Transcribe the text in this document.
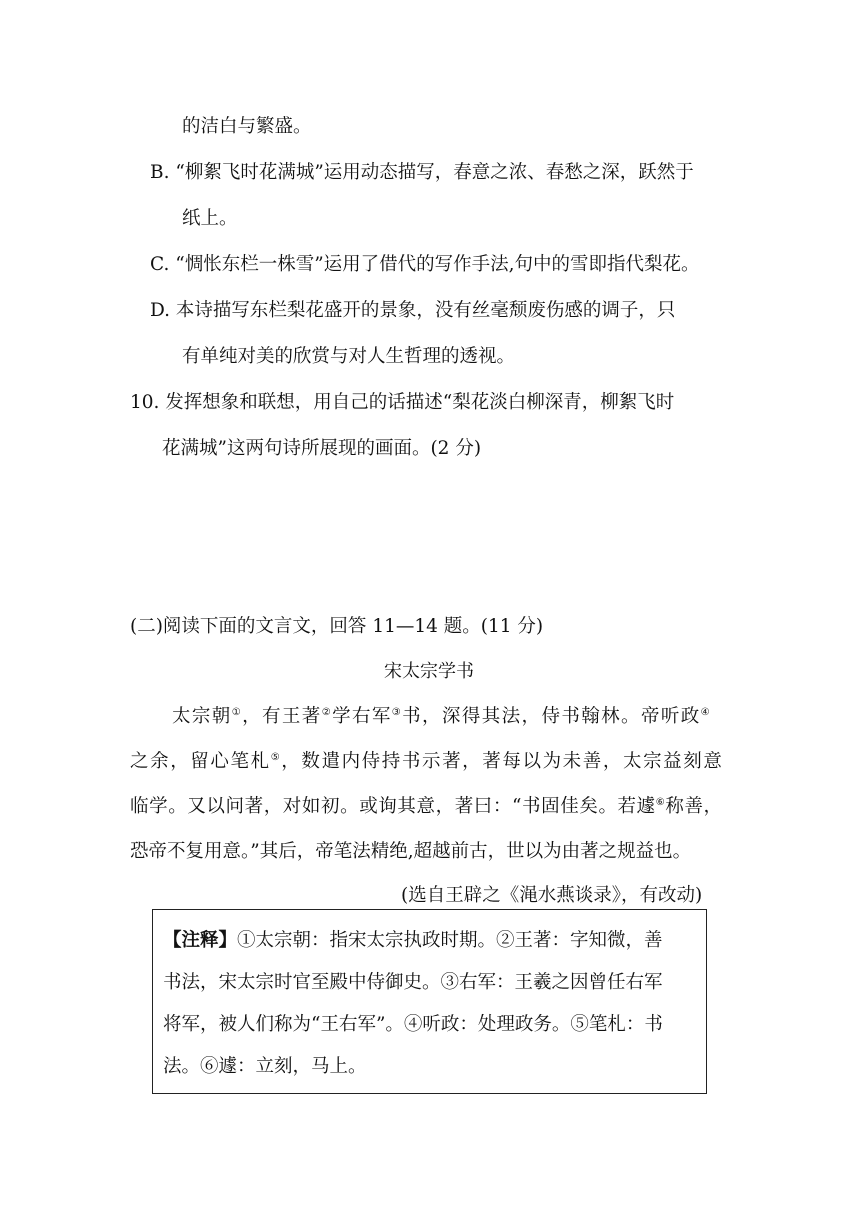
的洁白与繁盛。
B. “柳絮飞时花满城”运用动态描写，春意之浓、春愁之深，跃然于
纸上。
C. “惆怅东栏一株雪”运用了借代的写作手法,句中的雪即指代梨花。
D. 本诗描写东栏梨花盛开的景象，没有丝毫颓废伤感的调子，只
有单纯对美的欣赏与对人生哲理的透视。
10. 发挥想象和联想，用自己的话描述“梨花淡白柳深青，柳絮飞时
花满城”这两句诗所展现的画面。(2 分)
(二)阅读下面的文言文，回答 11—14 题。(11 分)
宋太宗学书
太宗朝①，有王著②学右军③书，深得其法，侍书翰林。帝听政④
之余，留心笔札⑤，数遣内侍持书示著，著每以为未善，太宗益刻意
临学。又以问著，对如初。或询其意，著曰：“书固佳矣。若遽⑥称善，
恐帝不复用意。”其后，帝笔法精绝,超越前古，世以为由著之规益也。
(选自王辟之《渑水燕谈录》，有改动)
【注释】①太宗朝：指宋太宗执政时期。②王著：字知微，善
书法，宋太宗时官至殿中侍御史。③右军：王羲之因曾任右军
将军，被人们称为“王右军”。④听政：处理政务。⑤笔札：书
法。⑥遽：立刻，马上。
